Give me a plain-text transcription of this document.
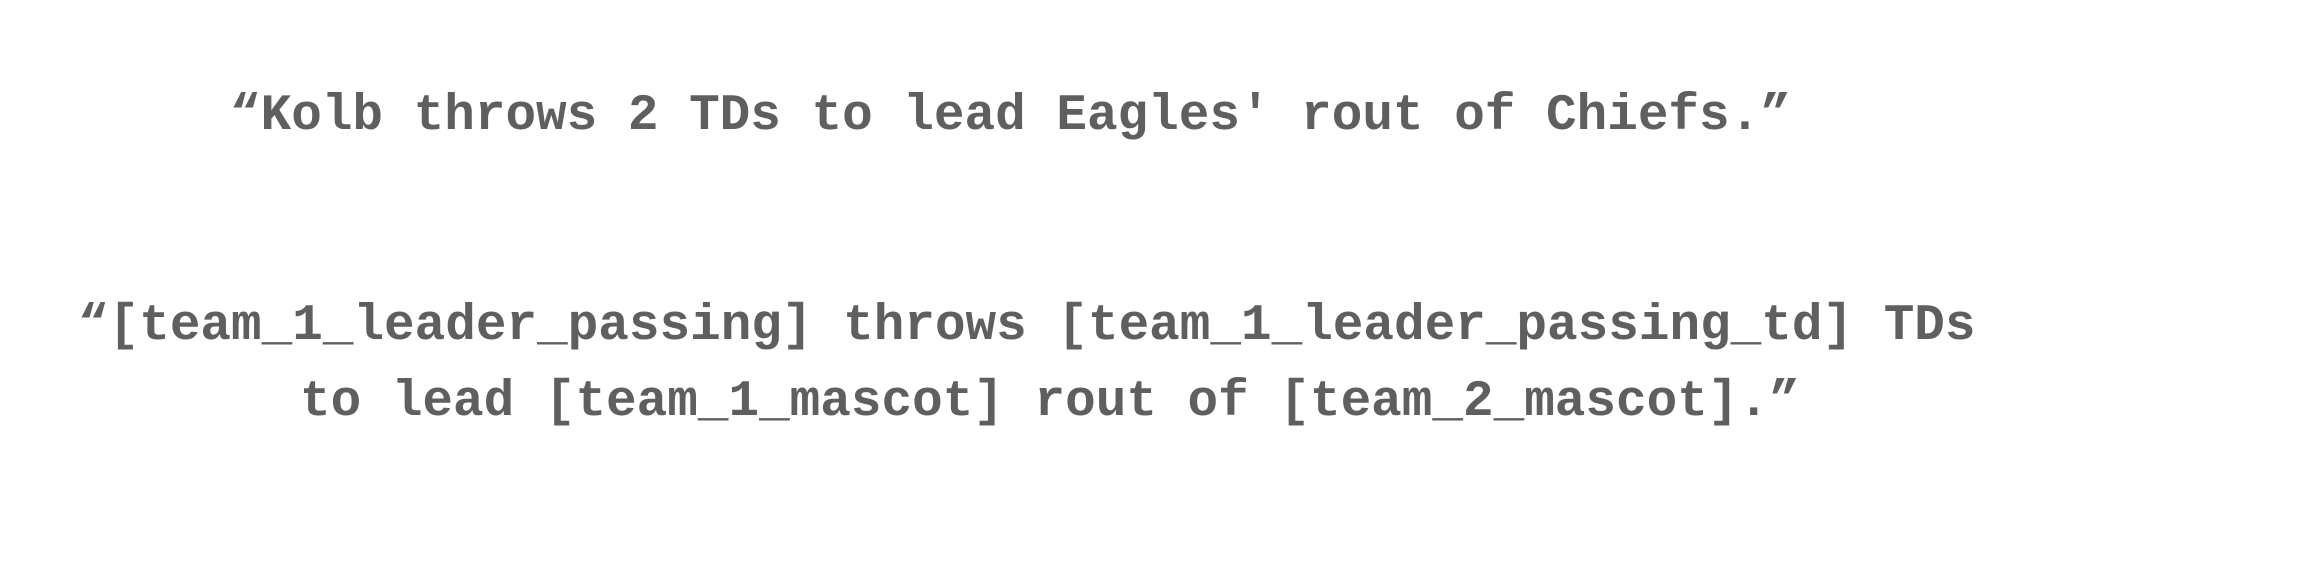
“Kolb throws 2 TDs to lead Eagles' rout of Chiefs.”
“[team_1_leader_passing] throws [team_1_leader_passing_td] TDs
to lead [team_1_mascot] rout of [team_2_mascot].”
